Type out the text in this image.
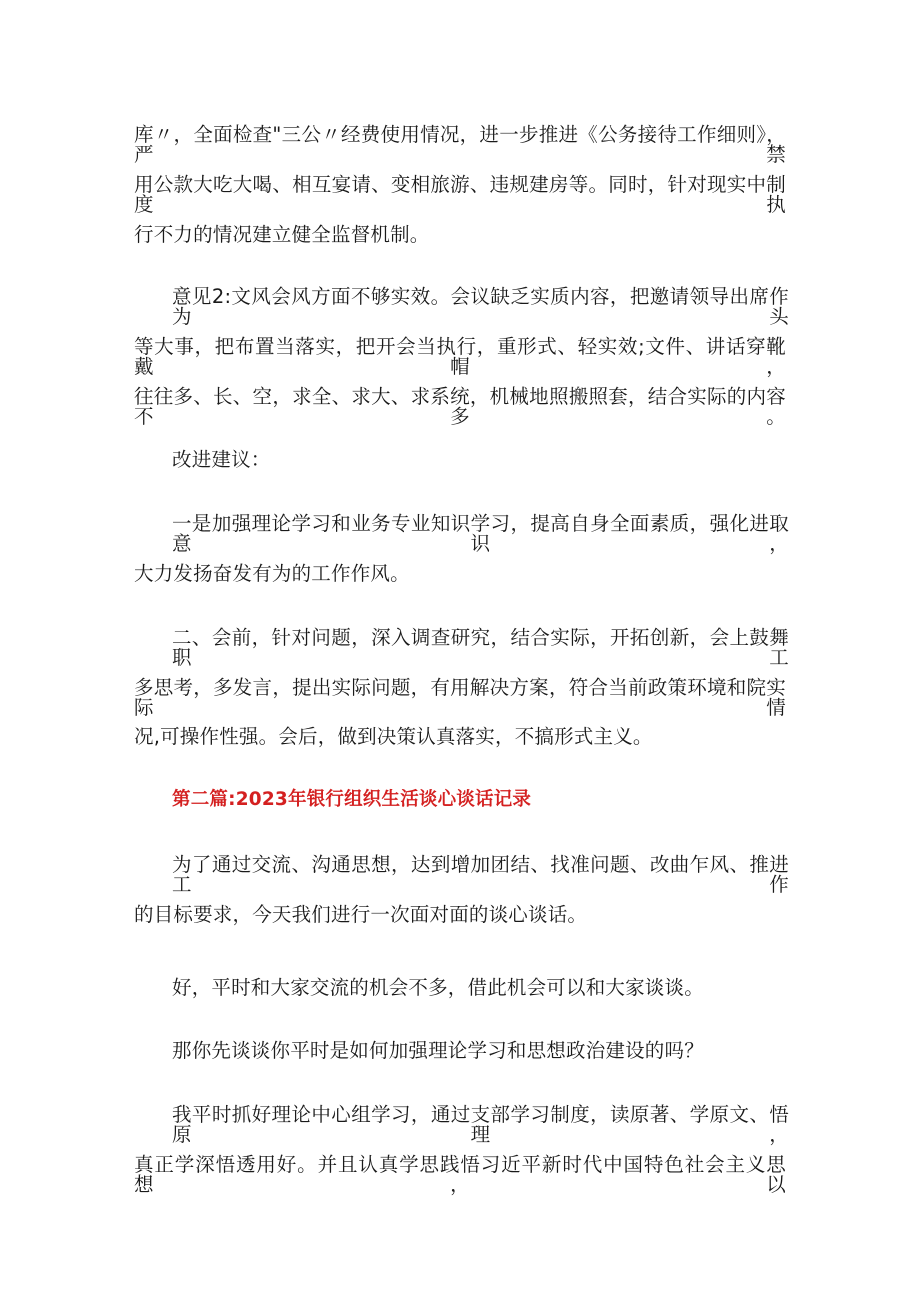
库〃，全面检查"三公〃经费使用情况，进一步推进《公务接待工作细则》，严禁
用公款大吃大喝、相互宴请、变相旅游、违规建房等。同时，针对现实中制度执
行不力的情况建立健全监督机制。
意见2:文风会风方面不够实效。会议缺乏实质内容，把邀请领导出席作为头
等大事，把布置当落实，把开会当执行，重形式、轻实效;文件、讲话穿靴戴帽，
往往多、长、空，求全、求大、求系统，机械地照搬照套，结合实际的内容不多。
改进建议：
一是加强理论学习和业务专业知识学习，提高自身全面素质，强化进取意识，
大力发扬奋发有为的工作作风。
二、会前，针对问题，深入调查研究，结合实际，开拓创新，会上鼓舞职工
多思考，多发言，提出实际问题，有用解决方案，符合当前政策环境和院实际情
况,可操作性强。会后，做到决策认真落实，不搞形式主义。
第二篇:2023年银行组织生活谈心谈话记录
为了通过交流、沟通思想，达到增加团结、找准问题、改曲乍风、推进工作
的目标要求，今天我们进行一次面对面的谈心谈话。
好，平时和大家交流的机会不多，借此机会可以和大家谈谈。
那你先谈谈你平时是如何加强理论学习和思想政治建设的吗？
我平时抓好理论中心组学习，通过支部学习制度，读原著、学原文、悟原理，
真正学深悟透用好。并且认真学思践悟习近平新时代中国特色社会主义思想，以
